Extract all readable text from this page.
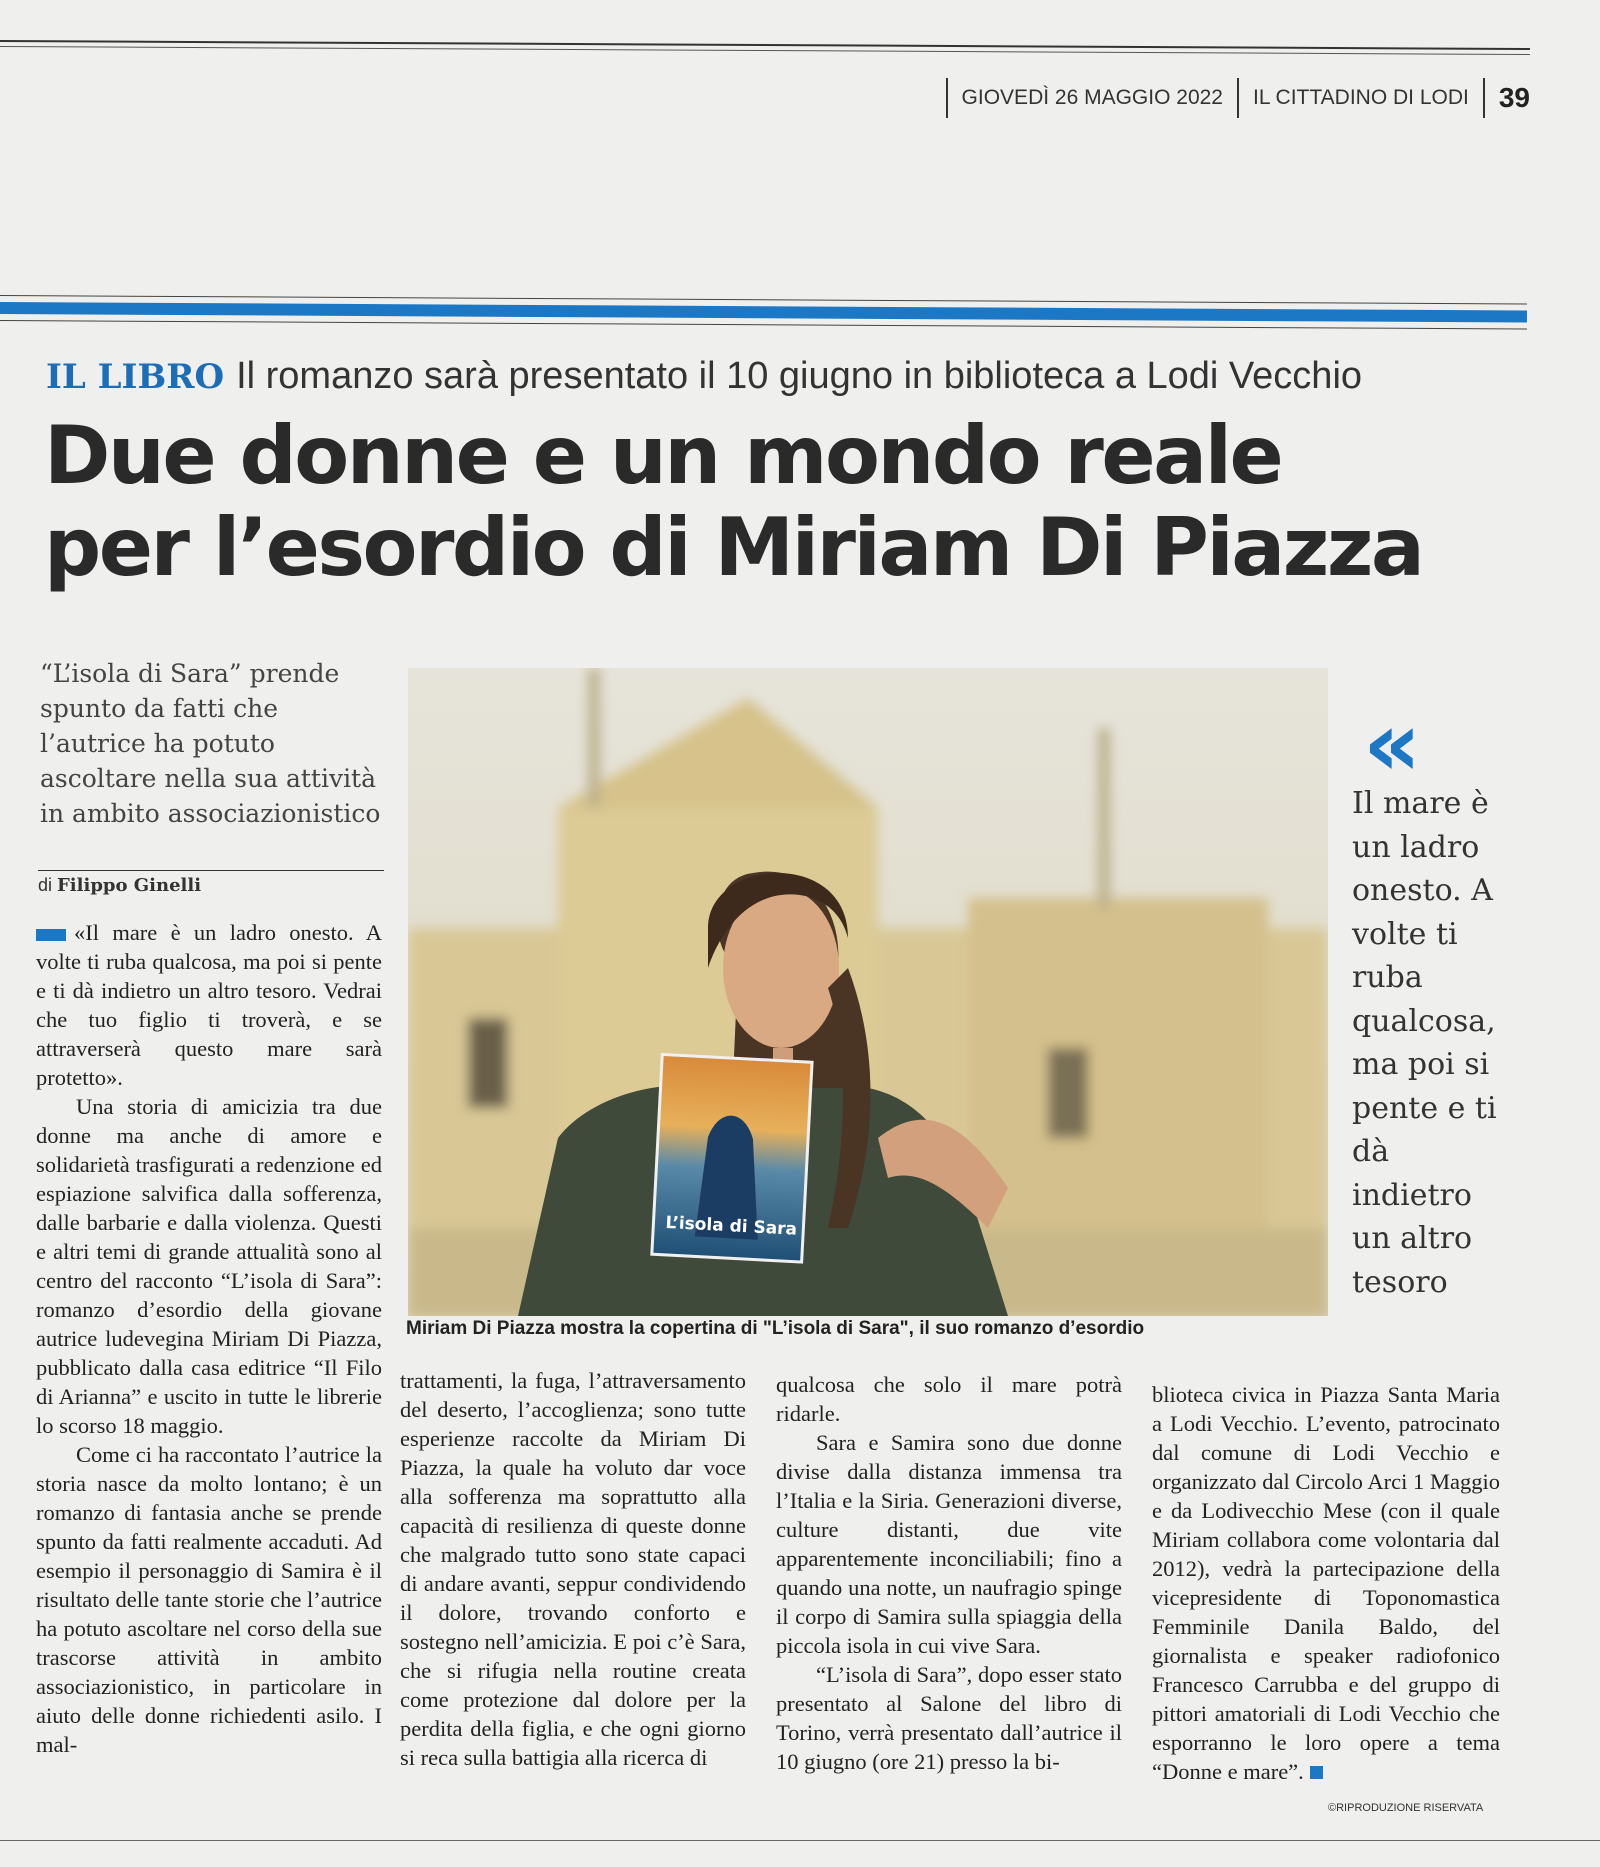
GIOVEDÌ 26 MAGGIO 2022 IL CITTADINO DI LODI 39
IL LIBRO Il romanzo sarà presentato il 10 giugno in biblioteca a Lodi Vecchio
Due donne e un mondo reale
per l’esordio di Miriam Di Piazza
“L’isola di Sara” prende spunto da fatti che l’autrice ha potuto ascoltare nella sua attività in ambito associazionistico
di Filippo Ginelli

«Il mare è un ladro onesto. A volte ti ruba qualcosa, ma poi si pente e ti dà indietro un altro tesoro. Vedrai che tuo figlio ti troverà, e se attraverserà questo mare sarà protetto».

Una storia di amicizia tra due donne ma anche di amore e solidarietà trasfigurati a redenzione ed espiazione salvifica dalla sofferenza, dalle barbarie e dalla violenza. Questi e altri temi di grande attualità sono al centro del racconto “L’isola di Sara”: romanzo d’esordio della giovane autrice ludevegina Miriam Di Piazza, pubblicato dalla casa editrice “Il Filo di Arianna” e uscito in tutte le librerie lo scorso 18 maggio.

Come ci ha raccontato l’autrice la storia nasce da molto lontano; è un romanzo di fantasia anche se prende spunto da fatti realmente accaduti. Ad esempio il personaggio di Samira è il risultato delle tante storie che l’autrice ha potuto ascoltare nel corso della sue trascorse attività in ambito associazionistico, in particolare in aiuto delle donne richiedenti asilo. I mal-

L’isola di Sara
Miriam Di Piazza mostra la copertina di "L’isola di Sara", il suo romanzo d’esordio
«
Il mare è un ladro onesto. A volte ti ruba qualcosa, ma poi si pente e ti dà indietro un altro tesoro

trattamenti, la fuga, l’attraversamento del deserto, l’accoglienza; sono tutte esperienze raccolte da Miriam Di Piazza, la quale ha voluto dar voce alla sofferenza ma soprattutto alla capacità di resilienza di queste donne che malgrado tutto sono state capaci di andare avanti, seppur condividendo il dolore, trovando conforto e sostegno nell’amicizia. E poi c’è Sara, che si rifugia nella routine creata come protezione dal dolore per la perdita della figlia, e che ogni giorno si reca sulla battigia alla ricerca di

qualcosa che solo il mare potrà ridarle.

Sara e Samira sono due donne divise dalla distanza immensa tra l’Italia e la Siria. Generazioni diverse, culture distanti, due vite apparentemente inconciliabili; fino a quando una notte, un naufragio spinge il corpo di Samira sulla spiaggia della piccola isola in cui vive Sara.

“L’isola di Sara”, dopo esser stato presentato al Salone del libro di Torino, verrà presentato dall’autrice il 10 giugno (ore 21) presso la bi-

blioteca civica in Piazza Santa Maria a Lodi Vecchio. L’evento, patrocinato dal comune di Lodi Vecchio e organizzato dal Circolo Arci 1 Maggio e da Lodivecchio Mese (con il quale Miriam collabora come volontaria dal 2012), vedrà la partecipazione della vicepresidente di Toponomastica Femminile Danila Baldo, del giornalista e speaker radiofonico Francesco Carrubba e del gruppo di pittori amatoriali di Lodi Vecchio che esporranno le loro opere a tema “Donne e mare”.

©RIPRODUZIONE RISERVATA
